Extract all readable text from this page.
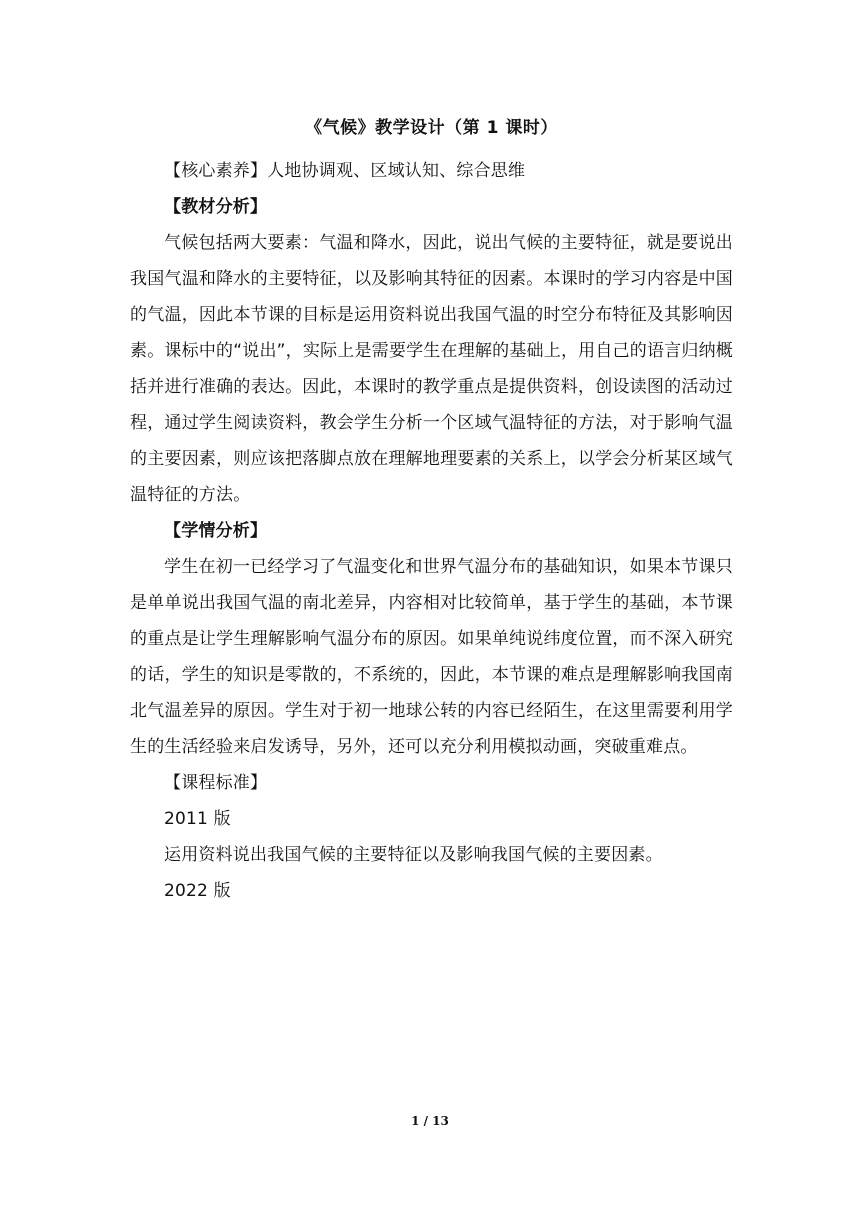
《气候》教学设计（第 1 课时）

【核心素养】人地协调观、区域认知、综合思维

【教材分析】

气候包括两大要素：气温和降水，因此，说出气候的主要特征，就是要说出我国气温和降水的主要特征，以及影响其特征的因素。本课时的学习内容是中国的气温，因此本节课的目标是运用资料说出我国气温的时空分布特征及其影响因素。课标中的“说出”，实际上是需要学生在理解的基础上，用自己的语言归纳概括并进行准确的表达。因此，本课时的教学重点是提供资料，创设读图的活动过程，通过学生阅读资料，教会学生分析一个区域气温特征的方法，对于影响气温的主要因素，则应该把落脚点放在理解地理要素的关系上，以学会分析某区域气温特征的方法。

【学情分析】

学生在初一已经学习了气温变化和世界气温分布的基础知识，如果本节课只是单单说出我国气温的南北差异，内容相对比较简单，基于学生的基础，本节课的重点是让学生理解影响气温分布的原因。如果单纯说纬度位置，而不深入研究的话，学生的知识是零散的，不系统的，因此，本节课的难点是理解影响我国南北气温差异的原因。学生对于初一地球公转的内容已经陌生，在这里需要利用学生的生活经验来启发诱导，另外，还可以充分利用模拟动画，突破重难点。

【课程标准】

2011 版

运用资料说出我国气候的主要特征以及影响我国气候的主要因素。

2022 版

1 / 13
